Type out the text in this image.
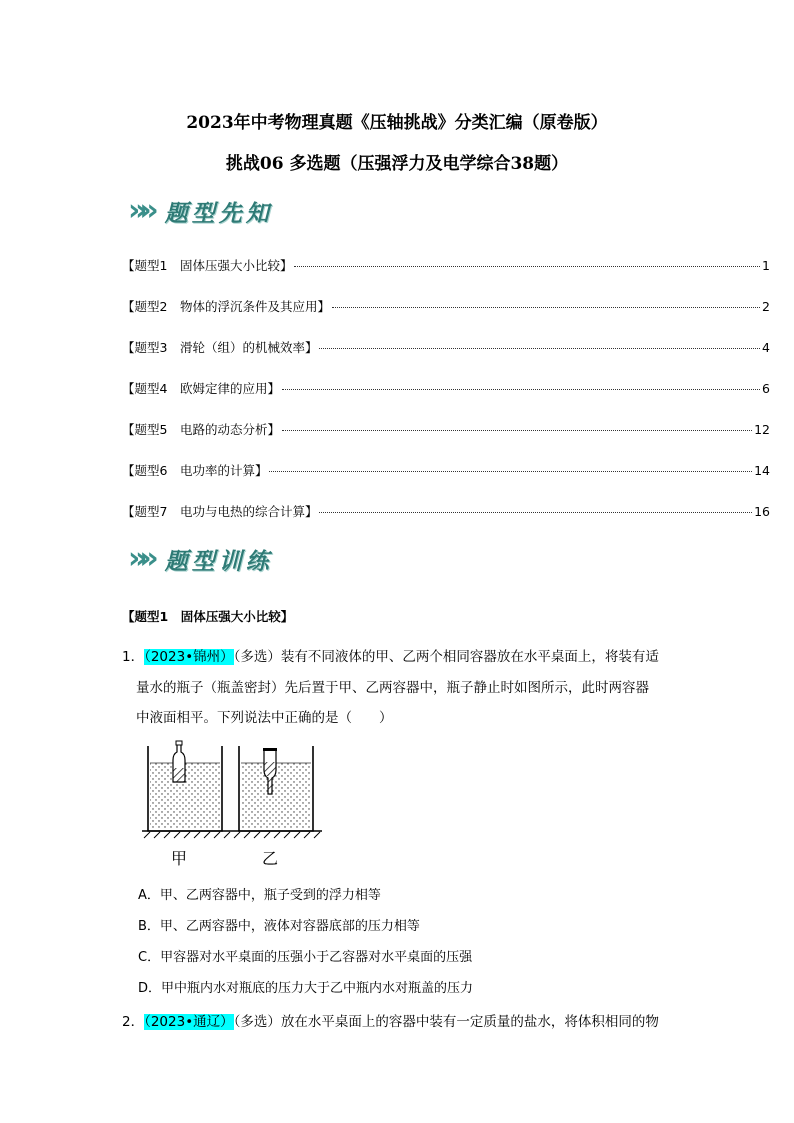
2023年中考物理真题《压轴挑战》分类汇编（原卷版）
挑战06 多选题（压强浮力及电学综合38题）
»» 题型先知
【题型1　固体压强大小比较】	1
【题型2　物体的浮沉条件及其应用】	2
【题型3　滑轮（组）的机械效率】	4
【题型4　欧姆定律的应用】	6
【题型5　电路的动态分析】	12
【题型6　电功率的计算】	14
【题型7　电功与电热的综合计算】	16
»» 题型训练
【题型1　固体压强大小比较】
1．（2023•锦州）（多选）装有不同液体的甲、乙两个相同容器放在水平桌面上，将装有适
量水的瓶子（瓶盖密封）先后置于甲、乙两容器中，瓶子静止时如图所示，此时两容器
中液面相平。下列说法中正确的是（　　）
甲	乙
A．甲、乙两容器中，瓶子受到的浮力相等
B．甲、乙两容器中，液体对容器底部的压力相等
C．甲容器对水平桌面的压强小于乙容器对水平桌面的压强
D．甲中瓶内水对瓶底的压力大于乙中瓶内水对瓶盖的压力
2．（2023•通辽）（多选）放在水平桌面上的容器中装有一定质量的盐水，将体积相同的物
